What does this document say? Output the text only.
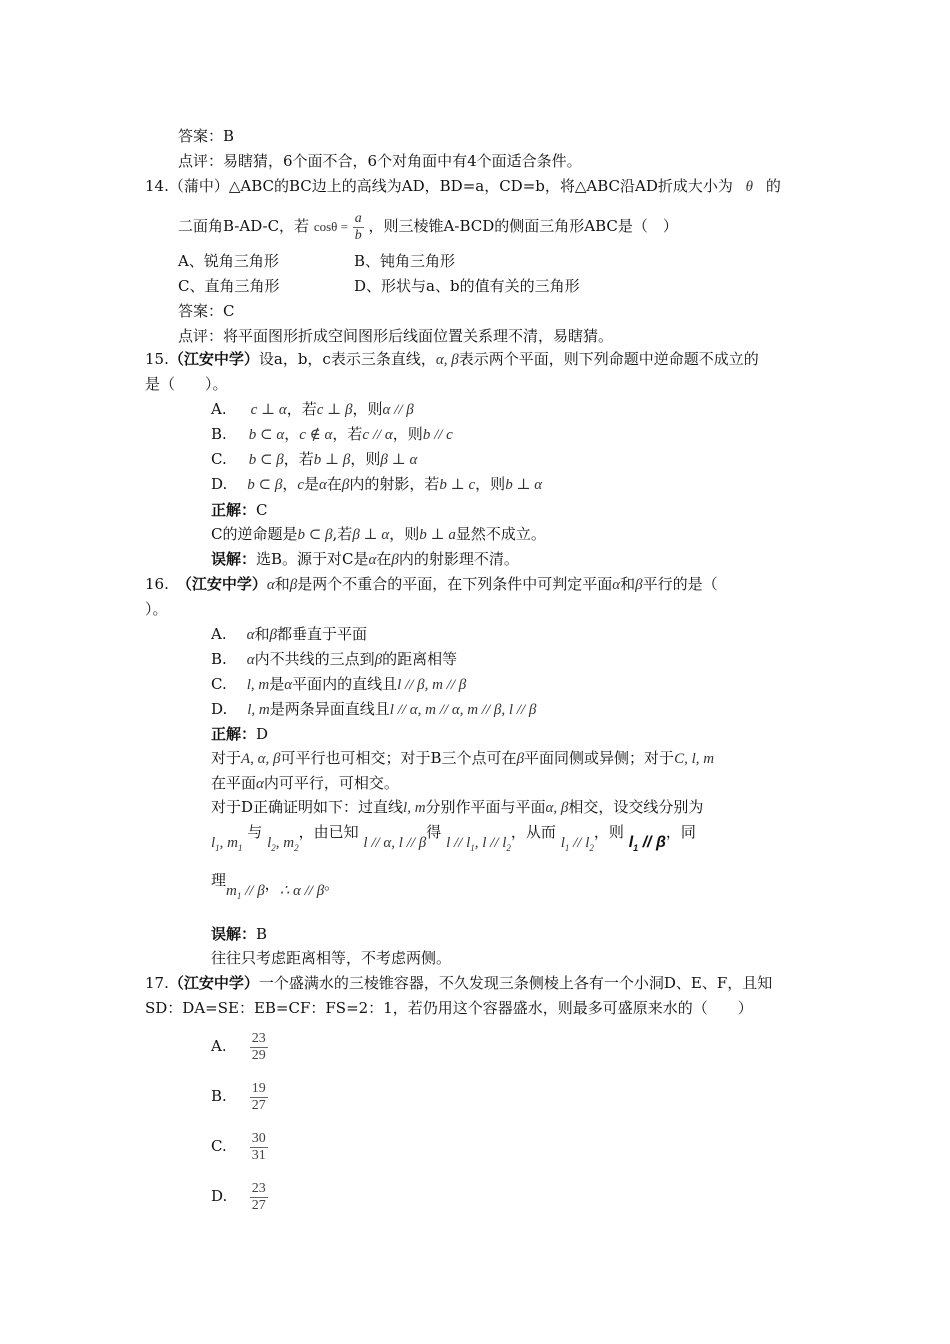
答案：B
点评：易瞎猜，6个面不合，6个对角面中有4个面适合条件。
14.（蒲中）△ABC的BC边上的高线为AD，BD=a，CD=b，将△ABC沿AD折成大小为 θ 的
二面角B-AD-C，若 $\cos\theta = \frac{a}{b}$ ，则三棱锥A-BCD的侧面三角形ABC是（　）
A、锐角三角形	B、钝角三角形
C、直角三角形	D、形状与a、b的值有关的三角形
答案：C
点评：将平面图形折成空间图形后线面位置关系理不清，易瞎猜。
15.（江安中学）设a，b，c表示三条直线，α, β表示两个平面，则下列命题中逆命题不成立的
是（　　）。
A. c ⊥ α，若c ⊥ β，则α // β
B. b ⊂ α，c ∉ α，若c // α，则b // c
C. b ⊂ β，若b ⊥ β，则β ⊥ α
D. b ⊂ β，c是α在β内的射影，若b ⊥ c，则b ⊥ α
正解：C
C的逆命题是b ⊂ β,若β ⊥ α，则b ⊥ a显然不成立。
误解：选B。源于对C是α在β内的射影理不清。
16. （江安中学）α和β是两个不重合的平面，在下列条件中可判定平面α和β平行的是（
）。
A. α和β都垂直于平面
B. α内不共线的三点到β的距离相等
C. l, m是α平面内的直线且l // β, m // β
D. l, m是两条异面直线且l // α, m // α, m // β, l // β
正解：D
对于A, α, β可平行也可相交；对于B三个点可在β平面同侧或异侧；对于C, l, m
在平面α内可平行，可相交。
对于D正确证明如下：过直线l, m分别作平面与平面α, β相交，设交线分别为
$l_1$, $m_1$ 与 $l_2$, $m_2$，由已知 l // α, l // β得 l // $l_1$, l // $l_2$，从而 $l_1 // l_2$，则 $l_1$ // β，同
理$m_1$ // β，∴ α // β。
误解：B
往往只考虑距离相等，不考虑两侧。
17.（江安中学）一个盛满水的三棱锥容器，不久发现三条侧棱上各有一个小洞D、E、F，且知
SD：DA=SE：EB=CF：FS=2：1，若仍用这个容器盛水，则最多可盛原来水的（　　）
A. $\frac{23}{29}$
B. $\frac{19}{27}$
C. $\frac{30}{31}$
D. $\frac{23}{27}$
